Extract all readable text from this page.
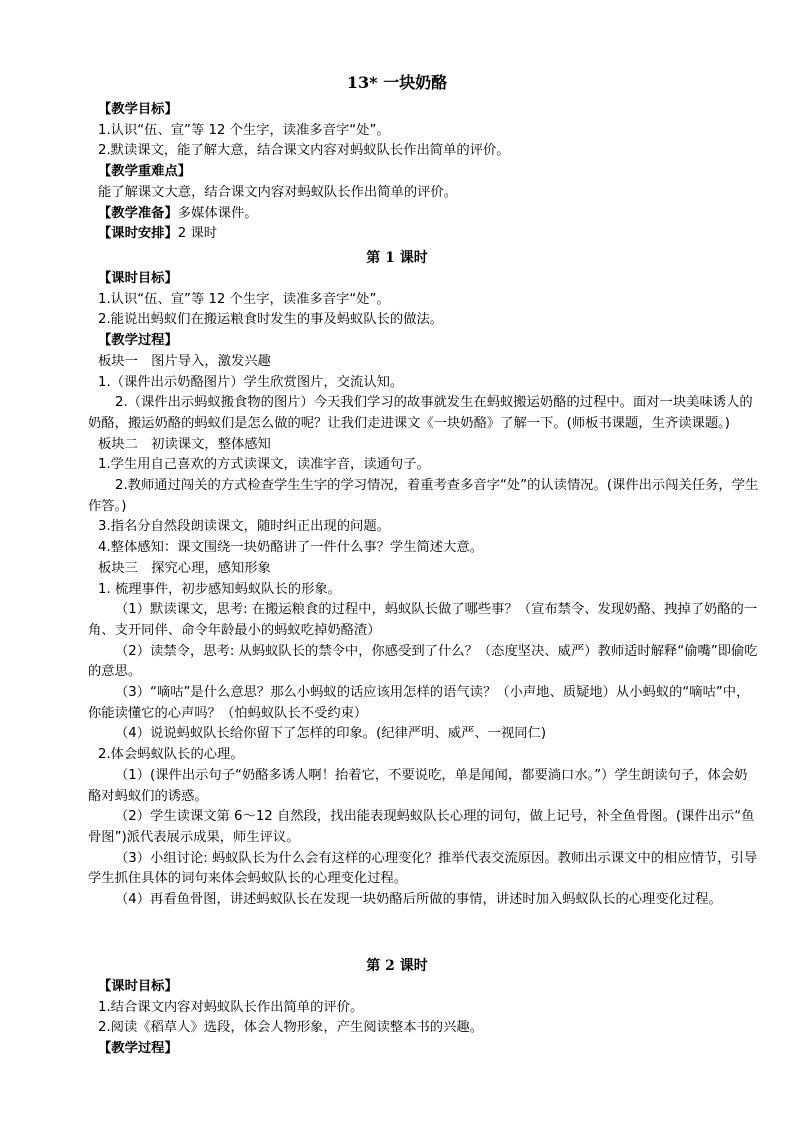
13* 一块奶酪

【教学目标】

1.认识“伍、宣”等 12 个生字，读准多音字“处”。

2.默读课文，能了解大意，结合课文内容对蚂蚁队长作出简单的评价。

【教学重难点】

能了解课文大意，结合课文内容对蚂蚁队长作出简单的评价。

【教学准备】多媒体课件。

【课时安排】2 课时

第 1 课时

【课时目标】

1.认识“伍、宣”等 12 个生字，读准多音字“处”。

2.能说出蚂蚁们在搬运粮食时发生的事及蚂蚁队长的做法。

【教学过程】

板块一　图片导入，激发兴趣

1.（课件出示奶酪图片）学生欣赏图片，交流认知。

2.（课件出示蚂蚁搬食物的图片）今天我们学习的故事就发生在蚂蚁搬运奶酪的过程中。面对一块美味诱人的奶酪，搬运奶酪的蚂蚁们是怎么做的呢？让我们走进课文《一块奶酪》了解一下。(师板书课题，生齐读课题。)

板块二　初读课文，整体感知

1.学生用自己喜欢的方式读课文，读准字音，读通句子。

2.教师通过闯关的方式检查学生生字的学习情况，着重考查多音字“处”的认读情况。(课件出示闯关任务，学生作答。)

3.指名分自然段朗读课文，随时纠正出现的问题。

4.整体感知：课文围绕一块奶酪讲了一件什么事？学生简述大意。

板块三　探究心理，感知形象

1. 梳理事件，初步感知蚂蚁队长的形象。

（1）默读课文，思考: 在搬运粮食的过程中，蚂蚁队长做了哪些事？（宣布禁令、发现奶酪、拽掉了奶酪的一角、支开同伴、命令年龄最小的蚂蚁吃掉奶酪渣）

（2）读禁令，思考: 从蚂蚁队长的禁令中，你感受到了什么？（态度坚决、威严）教师适时解释“偷嘴”即偷吃的意思。

（3）“嘀咕”是什么意思？那么小蚂蚁的话应该用怎样的语气读？（小声地、质疑地）从小蚂蚁的“嘀咕”中，你能读懂它的心声吗？（怕蚂蚁队长不受约束）

（4）说说蚂蚁队长给你留下了怎样的印象。(纪律严明、威严、一视同仁)

2.体会蚂蚁队长的心理。

（1）(课件出示句子“奶酪多诱人啊！抬着它，不要说吃，单是闻闻，都要淌口水。”）学生朗读句子，体会奶酪对蚂蚁们的诱惑。

（2）学生读课文第 6～12 自然段，找出能表现蚂蚁队长心理的词句，做上记号，补全鱼骨图。(课件出示“鱼骨图”)派代表展示成果，师生评议。

（3）小组讨论: 蚂蚁队长为什么会有这样的心理变化？推举代表交流原因。教师出示课文中的相应情节，引导学生抓住具体的词句来体会蚂蚁队长的心理变化过程。

（4）再看鱼骨图，讲述蚂蚁队长在发现一块奶酪后所做的事情，讲述时加入蚂蚁队长的心理变化过程。

第 2 课时

【课时目标】

1.结合课文内容对蚂蚁队长作出简单的评价。

2.阅读《稻草人》选段，体会人物形象，产生阅读整本书的兴趣。

【教学过程】
